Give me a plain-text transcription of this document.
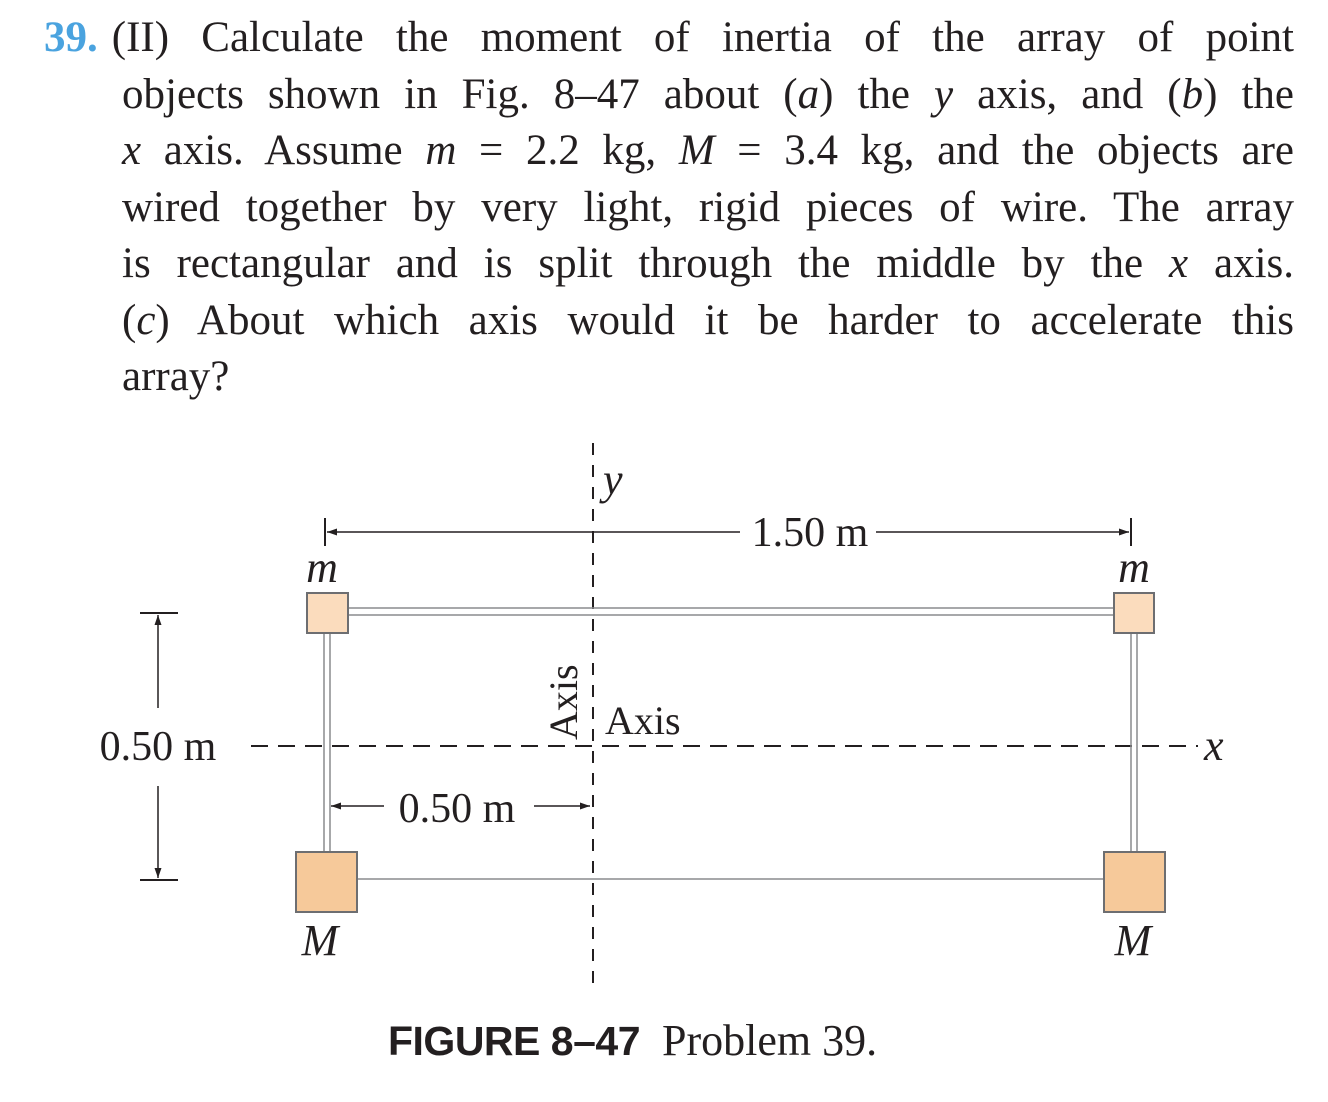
39. (II) Calculate the moment of inertia of the array of point
objects shown in Fig. 8–47 about (a) the y axis, and (b) the
x axis. Assume m = 2.2 kg, M = 3.4 kg, and the objects are
wired together by very light, rigid pieces of wire. The array
is rectangular and is split through the middle by the x axis.
(c) About which axis would it be harder to accelerate this
array?
1.50 m
0.50 m
0.50 m
y
x
Axis Axis
m	m
M	M
FIGURE 8–47 Problem 39.
